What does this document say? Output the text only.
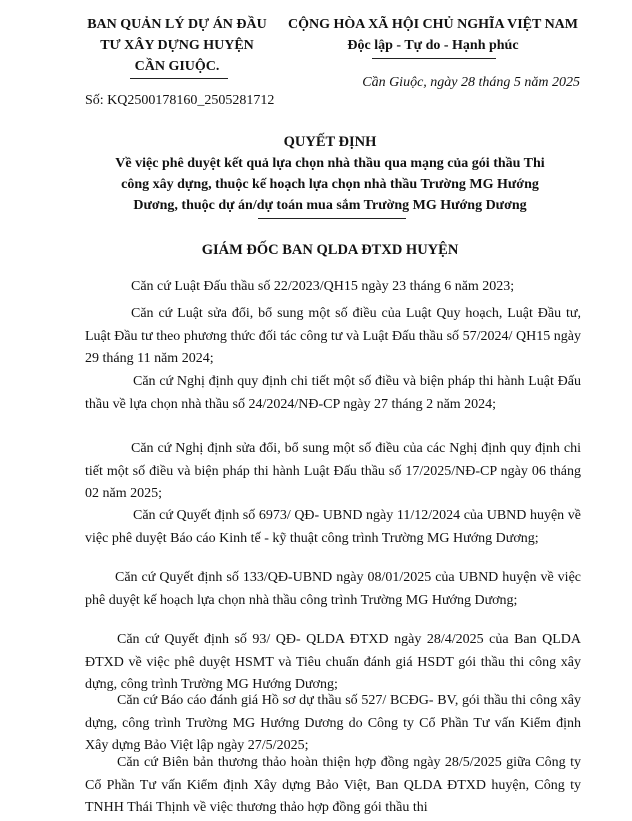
BAN QUẢN LÝ DỰ ÁN ĐẦU
TƯ XÂY DỰNG HUYỆN
CẦN GIUỘC.
CỘNG HÒA XÃ HỘI CHỦ NGHĨA VIỆT NAM
Độc lập - Tự do - Hạnh phúc
Cần Giuộc, ngày 28 tháng 5 năm 2025
Số: KQ2500178160_2505281712
QUYẾT ĐỊNH
Về việc phê duyệt kết quả lựa chọn nhà thầu qua mạng của gói thầu Thi
công xây dựng, thuộc kế hoạch lựa chọn nhà thầu Trường MG Hướng
Dương, thuộc dự án/dự toán mua sắm Trường MG Hướng Dương
GIÁM ĐỐC BAN QLDA ĐTXD HUYỆN
Căn cứ Luật Đấu thầu số 22/2023/QH15 ngày 23 tháng 6 năm 2023;
Căn cứ Luật sửa đổi, bổ sung một số điều của Luật Quy hoạch, Luật Đầu tư, Luật Đầu tư theo phương thức đối tác công tư và Luật Đấu thầu số 57/2024/ QH15 ngày 29 tháng 11 năm 2024;
Căn cứ Nghị định quy định chi tiết một số điều và biện pháp thi hành Luật Đấu thầu về lựa chọn nhà thầu số 24/2024/NĐ-CP ngày 27 tháng 2 năm 2024;
Căn cứ Nghị định sửa đổi, bổ sung một số điều của các Nghị định quy định chi tiết một số điều và biện pháp thi hành Luật Đấu thầu số 17/2025/NĐ-CP ngày 06 tháng 02 năm 2025;
Căn cứ Quyết định số 6973/ QĐ- UBND ngày 11/12/2024 của UBND huyện về việc phê duyệt Báo cáo Kinh tế - kỹ thuật công trình Trường MG Hướng Dương;
Căn cứ Quyết định số 133/QĐ-UBND ngày 08/01/2025 của UBND huyện về việc phê duyệt kế hoạch lựa chọn nhà thầu công trình Trường MG Hướng Dương;
Căn cứ Quyết định số 93/ QĐ- QLDA ĐTXD ngày 28/4/2025 của Ban QLDA ĐTXD về việc phê duyệt HSMT và Tiêu chuẩn đánh giá HSDT gói thầu thi công xây dựng, công trình Trường MG Hướng Dương;
Căn cứ Báo cáo đánh giá Hồ sơ dự thầu số 527/ BCĐG- BV, gói thầu thi công xây dựng, công trình Trường MG Hướng Dương do Công ty Cổ Phần Tư vấn Kiểm định Xây dựng Bảo Việt lập ngày 27/5/2025;
Căn cứ Biên bản thương thảo hoàn thiện hợp đồng ngày 28/5/2025 giữa Công ty Cổ Phần Tư vấn Kiểm định Xây dựng Bảo Việt, Ban QLDA ĐTXD huyện, Công ty TNHH Thái Thịnh về việc thương thảo hợp đồng gói thầu thi
